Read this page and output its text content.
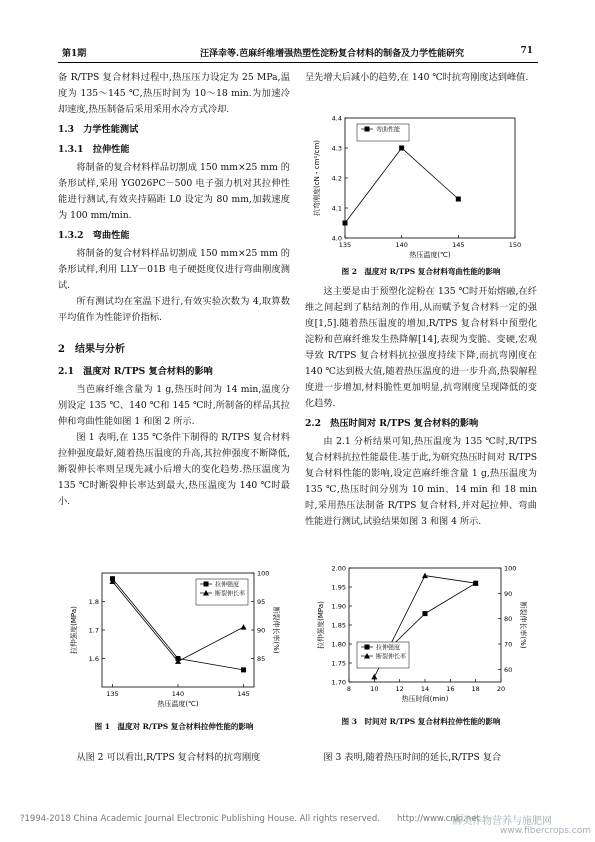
第1期	汪泽幸等.芭麻纤维增强热塑性淀粉复合材料的制备及力学性能研究	71

备 R/TPS 复合材料过程中,热压压力设定为 25 MPa,温度为 135～145 ℃,热压时间为 10～18 min.为加速冷却速度,热压制备后采用采用水冷方式冷却.

1.3　力学性能测试

1.3.1　拉伸性能

将制备的复合材料样品切割成 150 mm×25 mm 的条形试样,采用 YG026PC－500 电子强力机对其拉伸性能进行测试,有效夹持隔距 L0 设定为 80 mm,加载速度为 100 mm/min.

1.3.2　弯曲性能

将制备的复合材料样品切割成 150 mm×25 mm 的条形试样,利用 LLY－01B 电子硬挺度仪进行弯曲刚度测试.

所有测试均在室温下进行,有效实验次数为 4,取算数平均值作为性能评价指标.

2　结果与分析

2.1　温度对 R/TPS 复合材料的影响

当芭麻纤维含量为 1 g,热压时间为 14 min,温度分别设定 135 ℃、140 ℃和 145 ℃时,所制备的样品其拉伸和弯曲性能如图 1 和图 2 所示.

图 1 表明,在 135 ℃条件下制得的 R/TPS 复合材料拉伸强度最好,随着热压温度的升高,其拉伸强度不断降低,断裂伸长率则呈现先减小后增大的变化趋势.热压温度为 135 ℃时断裂伸长率达到最大,热压温度为 140 ℃时最小.

135	140	145
热压温度(℃)
1.6
1.7
1.8
拉伸强度(MPa)
85
90
95
100
断裂伸长率(%)
拉伸强度
断裂伸长率
图 1　温度对 R/TPS 复合材料拉伸性能的影响

从图 2 可以看出,R/TPS 复合材料的抗弯刚度

呈先增大后减小的趋势,在 140 ℃时抗弯刚度达到峰值.

135	140	145	150
热压温度(℃)
4.0
4.1
4.2
4.3
4.4
抗弯刚度(cN・cm²/cm)
弯曲性能
图 2　温度对 R/TPS 复合材料弯曲性能的影响

这主要是由于预塑化淀粉在 135 ℃时开始熔融,在纤维之间起到了粘结剂的作用,从而赋予复合材料一定的强度[1,5].随着热压温度的增加,R/TPS 复合材料中预塑化淀粉和芭麻纤维发生热降解[14],表现为变脆、变硬,宏观导致 R/TPS 复合材料抗拉强度持续下降,而抗弯刚度在 140 ℃达到极大值,随着热压温度的进一步升高,热裂解程度进一步增加,材料脆性更加明显,抗弯刚度呈现降低的变化趋势.

2.2　热压时间对 R/TPS 复合材料的影响

由 2.1 分析结果可知,热压温度为 135 ℃时,R/TPS 复合材料抗拉性能最佳.基于此,为研究热压时间对 R/TPS 复合材料性能的影响,设定芭麻纤维含量 1 g,热压温度为 135 ℃,热压时间分别为 10 min、14 min 和 18 min 时,采用热压法制备 R/TPS 复合材料,并对起拉伸、弯曲性能进行测试,试验结果如图 3 和图 4 所示.

8	10	12	14	16	18	20
热压时间(min)
1.70
1.75
1.80
1.85
1.90
1.95
2.00
拉伸强度(MPa)
60
70
80
90
100
断裂伸长率(%)
拉伸强度
断裂伸长率
图 3　时间对 R/TPS 复合材料拉伸性能的影响

图 3 表明,随着热压时间的延长,R/TPS 复合

?1994-2018 China Academic Journal Electronic Publishing House. All rights reserved.　　http://www.cnki.net
麻类作物营养与施肥网
www.fibercrops.com
